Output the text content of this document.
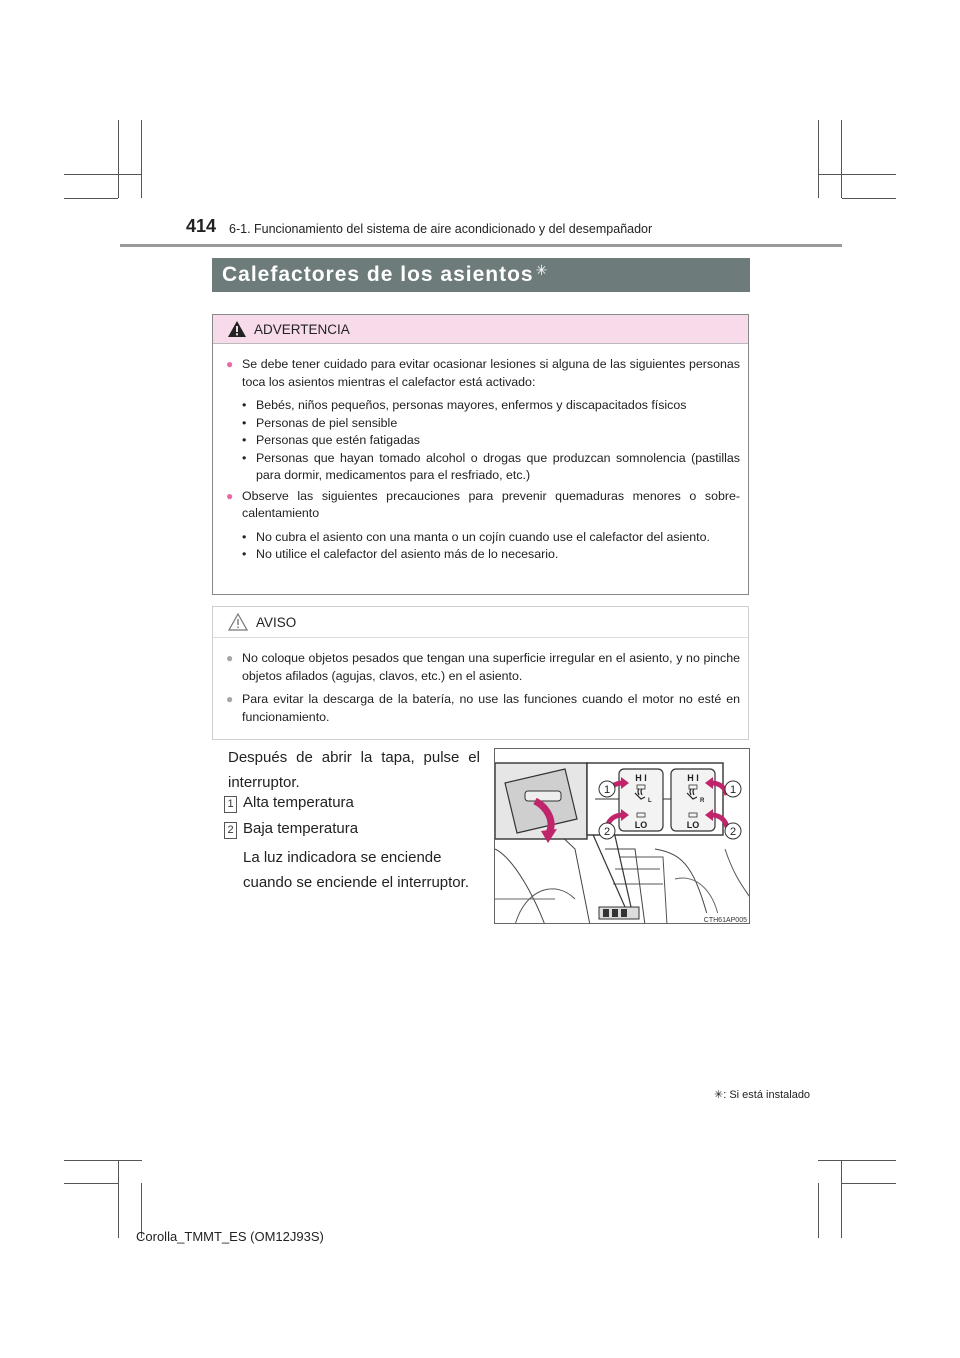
414 6-1. Funcionamiento del sistema de aire acondicionado y del desempañador
Calefactores de los asientos ✳
ADVERTENCIA
● Se debe tener cuidado para evitar ocasionar lesiones si alguna de las siguientes personas toca los asientos mientras el calefactor está activado:
• Bebés, niños pequeños, personas mayores, enfermos y discapacitados físicos
• Personas de piel sensible
• Personas que estén fatigadas
• Personas que hayan tomado alcohol o drogas que produzcan somnolencia (pastillas para dormir, medicamentos para el resfriado, etc.)
● Observe las siguientes precauciones para prevenir quemaduras menores o sobre-calentamiento
• No cubra el asiento con una manta o un cojín cuando use el calefactor del asiento.
• No utilice el calefactor del asiento más de lo necesario.
AVISO
● No coloque objetos pesados que tengan una superficie irregular en el asiento, y no pinche objetos afilados (agujas, clavos, etc.) en el asiento.
● Para evitar la descarga de la batería, no use las funciones cuando el motor no esté en funcionamiento.
Después de abrir la tapa, pulse el interruptor.
1 Alta temperatura
2 Baja temperatura
La luz indicadora se enciende cuando se enciende el interruptor.
H I	H I
LO	LO
L	R
1
2
1
2
CTH61AP005
✳: Si está instalado
Corolla_TMMT_ES (OM12J93S)
